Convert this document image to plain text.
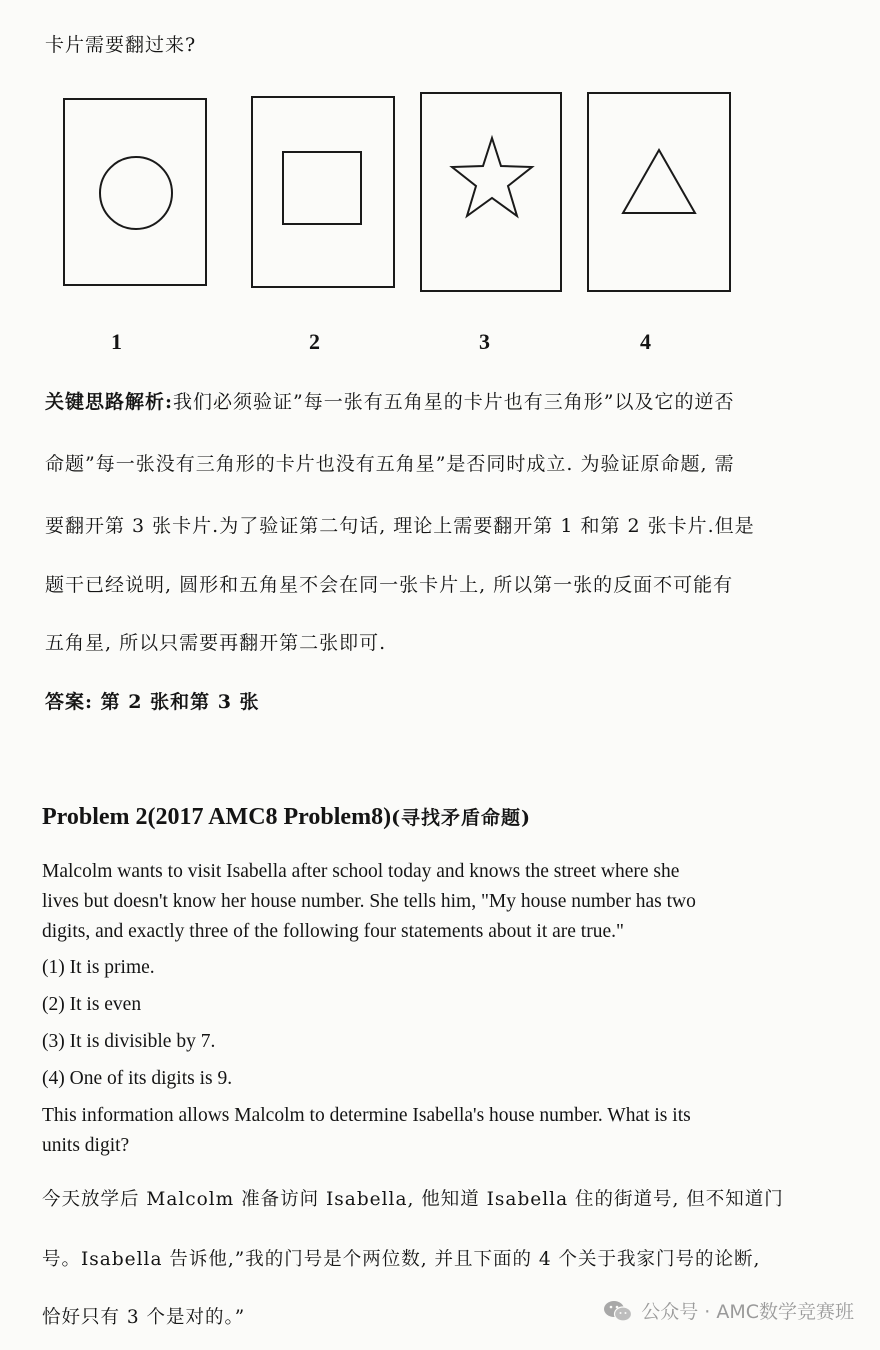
卡片需要翻过来?
1	2	3	4
关键思路解析:我们必须验证”每一张有五角星的卡片也有三角形”以及它的逆否
命题”每一张没有三角形的卡片也没有五角星”是否同时成立. 为验证原命题, 需
要翻开第 3 张卡片.为了验证第二句话, 理论上需要翻开第 1 和第 2 张卡片.但是
题干已经说明, 圆形和五角星不会在同一张卡片上, 所以第一张的反面不可能有
五角星, 所以只需要再翻开第二张即可.
答案: 第 2 张和第 3 张
Problem 2(2017 AMC8 Problem8)(寻找矛盾命题)
Malcolm wants to visit Isabella after school today and knows the street where she
lives but doesn't know her house number. She tells him, "My house number has two
digits, and exactly three of the following four statements about it are true."
(1) It is prime.
(2) It is even
(3) It is divisible by 7.
(4) One of its digits is 9.
This information allows Malcolm to determine Isabella's house number. What is its
units digit?
今天放学后 Malcolm 准备访问 Isabella, 他知道 Isabella 住的街道号, 但不知道门
号。Isabella 告诉他,”我的门号是个两位数, 并且下面的 4 个关于我家门号的论断,
恰好只有 3 个是对的。”	公众号 · AMC数学竞赛班
